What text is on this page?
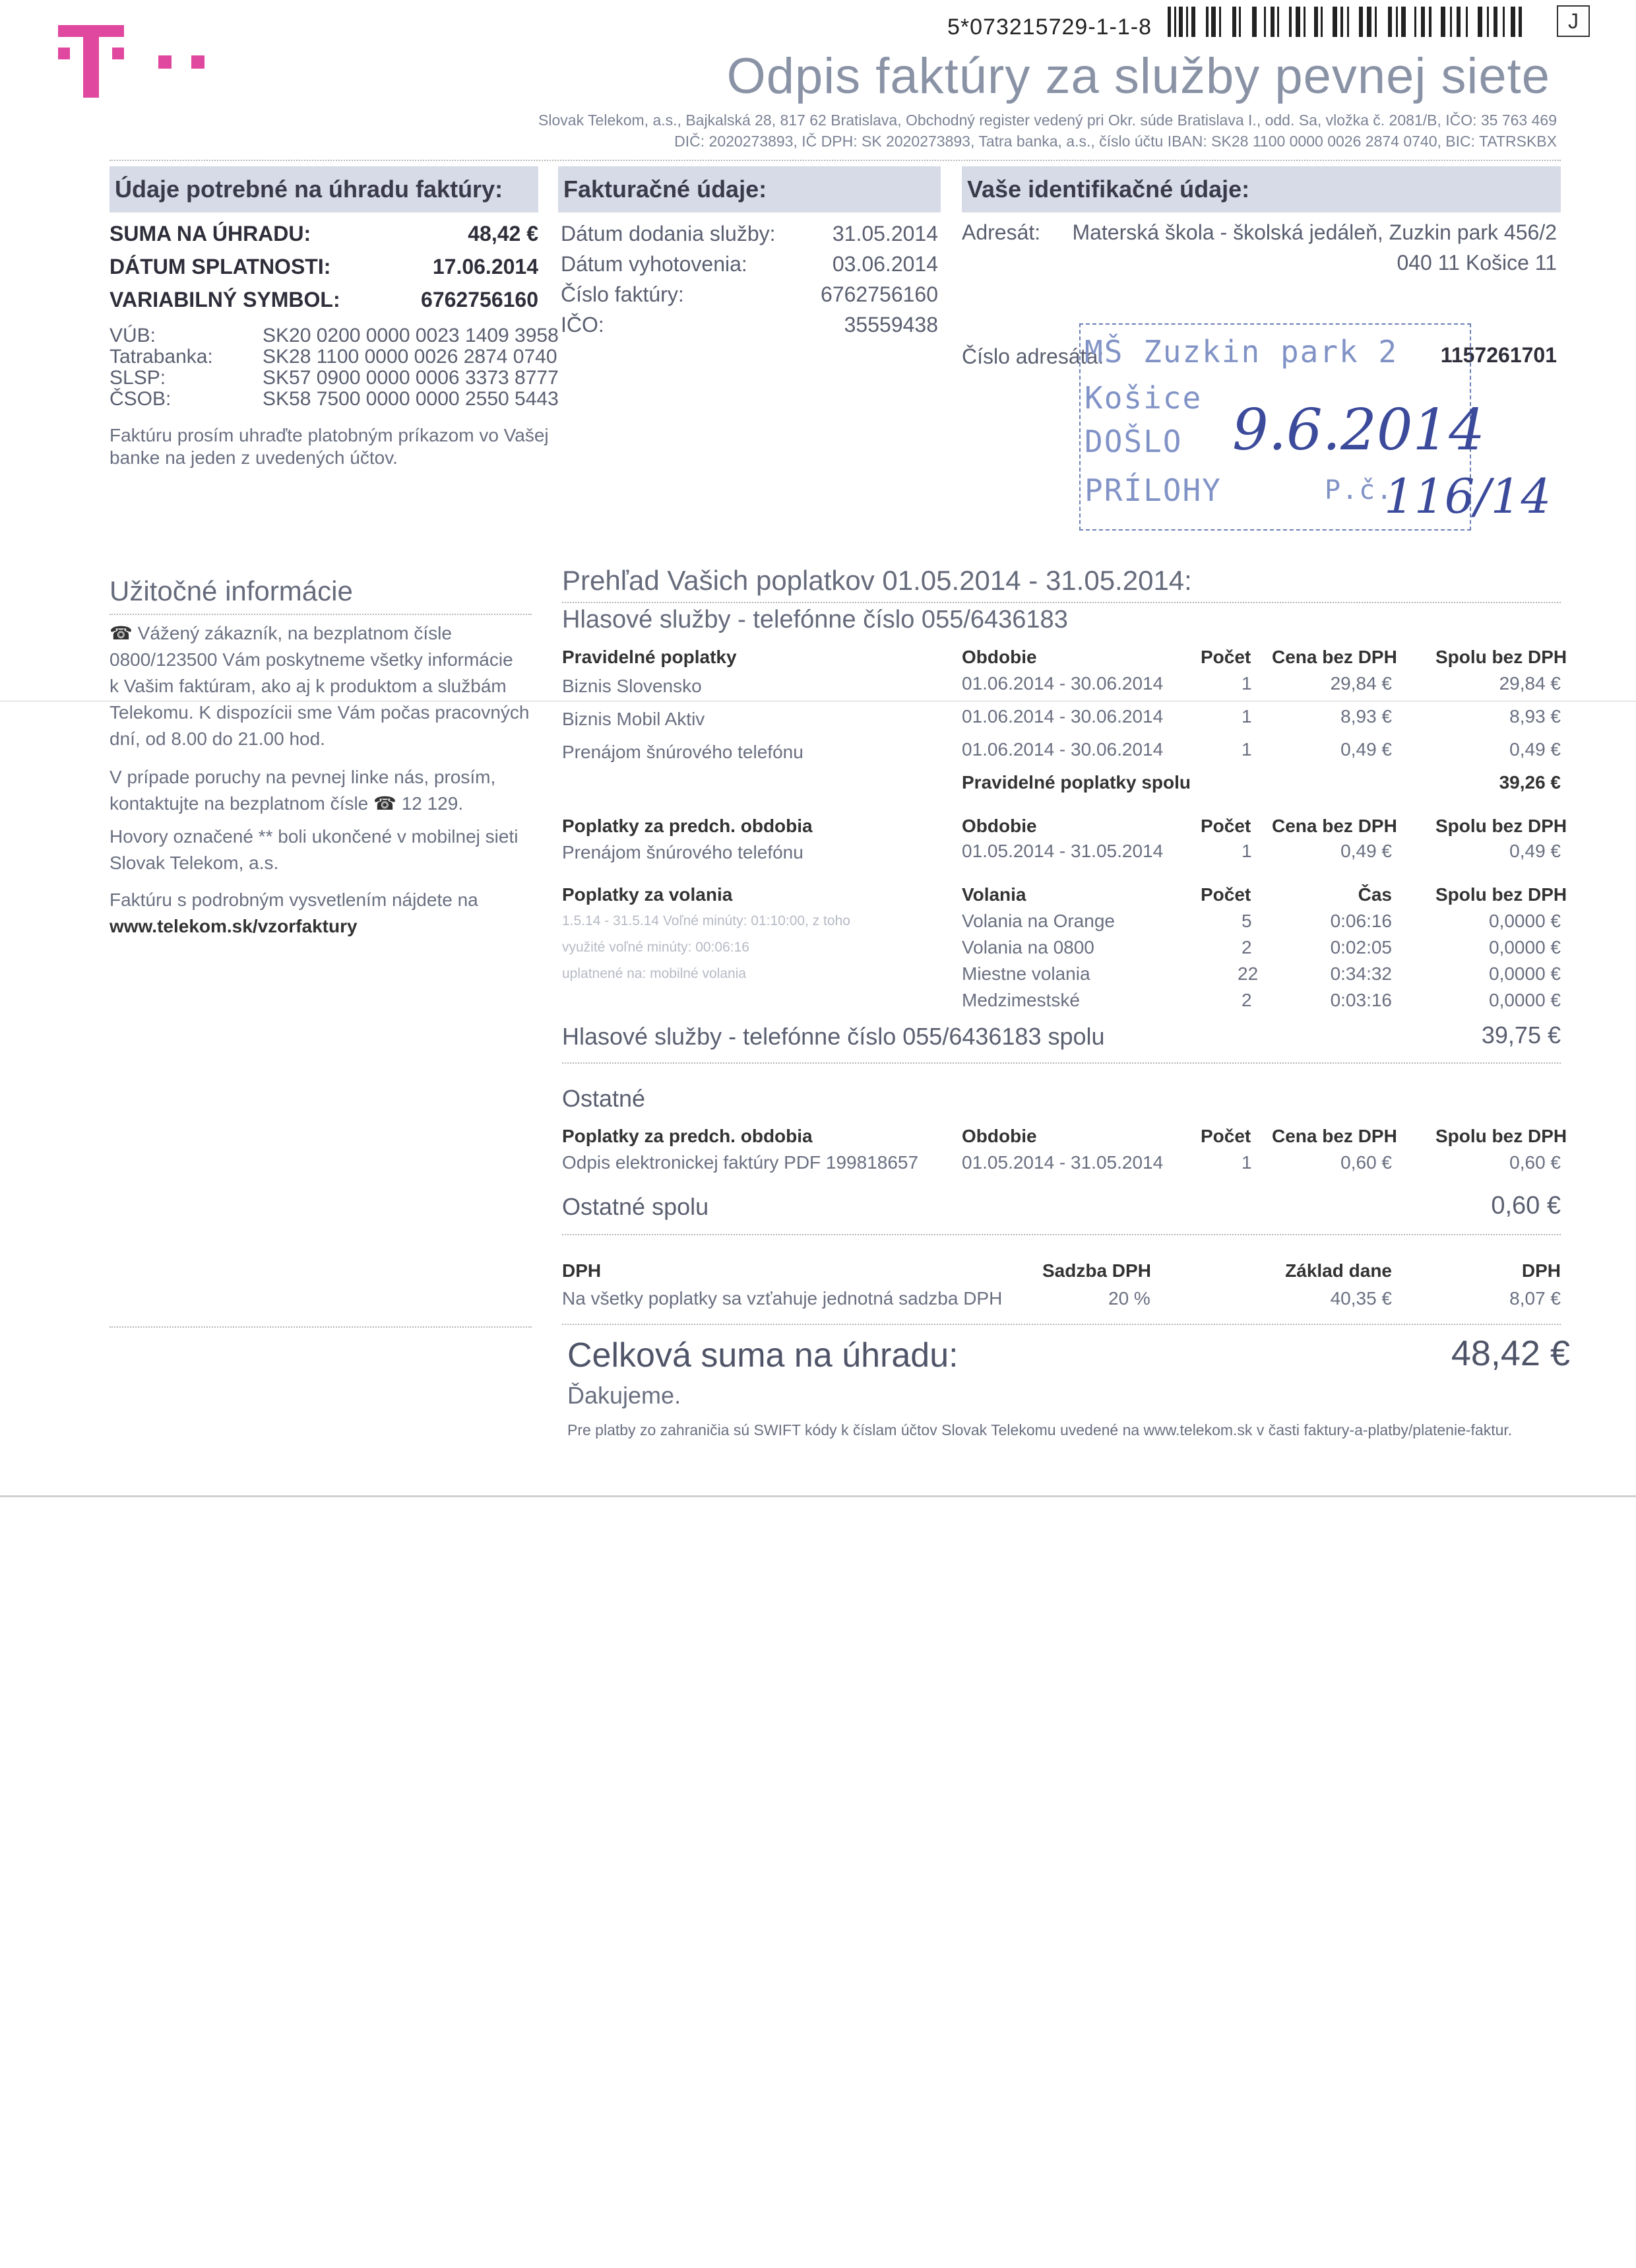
5*073215729-1-1-8	J
Odpis faktúry za služby pevnej siete
Slovak Telekom, a.s., Bajkalská 28, 817 62 Bratislava, Obchodný register vedený pri Okr. súde Bratislava I., odd. Sa, vložka č. 2081/B, IČO: 35 763 469
DIČ: 2020273893, IČ DPH: SK 2020273893, Tatra banka, a.s., číslo účtu IBAN: SK28 1100 0000 0026 2874 0740, BIC: TATRSKBX
Údaje potrebné na úhradu faktúry:	Fakturačné údaje:	Vaše identifikačné údaje:
SUMA NA ÚHRADU:	48,42 €
DÁTUM SPLATNOSTI:	17.06.2014
VARIABILNÝ SYMBOL:	6762756160
VÚB:	SK20 0200 0000 0023 1409 3958
Tatrabanka:	SK28 1100 0000 0026 2874 0740
SLSP:	SK57 0900 0000 0006 3373 8777
ČSOB:	SK58 7500 0000 0000 2550 5443
Faktúru prosím uhraďte platobným príkazom vo Vašej
banke na jeden z uvedených účtov.
Dátum dodania služby:	31.05.2014
Dátum vyhotovenia:	03.06.2014
Číslo faktúry:	6762756160
IČO:	35559438
Adresát: Materská škola - školská jedáleň, Zuzkin park 456/2
040 11 Košice 11
Číslo adresáta:	1157261701
MŠ Zuzkin park 2
Košice
DOŠLO
PRÍLOHY	P.č.
9.6.2014
116/14
Užitočné informácie
☎ Vážený zákazník, na bezplatnom čísle
0800/123500 Vám poskytneme všetky informácie
k Vašim faktúram, ako aj k produktom a službám
Telekomu. K dispozícii sme Vám počas pracovných
dní, od 8.00 do 21.00 hod.
V prípade poruchy na pevnej linke nás, prosím,
kontaktujte na bezplatnom čísle ☎ 12 129.
Hovory označené ** boli ukončené v mobilnej sieti
Slovak Telekom, a.s.
Faktúru s podrobným vysvetlením nájdete na
www.telekom.sk/vzorfaktury
Prehľad Vašich poplatkov 01.05.2014 - 31.05.2014:
Hlasové služby - telefónne číslo 055/6436183
Pravidelné poplatky	Obdobie	Počet Cena bez DPH Spolu bez DPH
Biznis Slovensko	01.06.2014 - 30.06.2014	1	29,84 €	29,84 €
Biznis Mobil Aktiv	01.06.2014 - 30.06.2014	1	8,93 €	8,93 €
Prenájom šnúrového telefónu	01.06.2014 - 30.06.2014	1	0,49 €	0,49 €
Pravidelné poplatky spolu	39,26 €
Poplatky za predch. obdobia	Obdobie	Počet Cena bez DPH Spolu bez DPH
Prenájom šnúrového telefónu	01.05.2014 - 31.05.2014	1	0,49 €	0,49 €
Poplatky za volania	Volania	Počet	Čas Spolu bez DPH
1.5.14 - 31.5.14 Voľné minúty: 01:10:00, z toho
využité voľné minúty: 00:06:16
uplatnené na: mobilné volania
Volania na Orange	5	0:06:16	0,0000 €
Volania na 0800	2	0:02:05	0,0000 €
Miestne volania	22	0:34:32	0,0000 €
Medzimestské	2	0:03:16	0,0000 €
Hlasové služby - telefónne číslo 055/6436183 spolu	39,75 €
Ostatné
Poplatky za predch. obdobia	Obdobie	Počet Cena bez DPH Spolu bez DPH
Odpis elektronickej faktúry PDF 199818657 01.05.2014 - 31.05.2014	1	0,60 €	0,60 €
Ostatné spolu	0,60 €
DPH	Sadzba DPH	Základ dane	DPH
Na všetky poplatky sa vzťahuje jednotná sadzba DPH	20 %	40,35 €	8,07 €
Celková suma na úhradu:	48,42 €
Ďakujeme.
Pre platby zo zahraničia sú SWIFT kódy k číslam účtov Slovak Telekomu uvedené na www.telekom.sk v časti faktury-a-platby/platenie-faktur.
